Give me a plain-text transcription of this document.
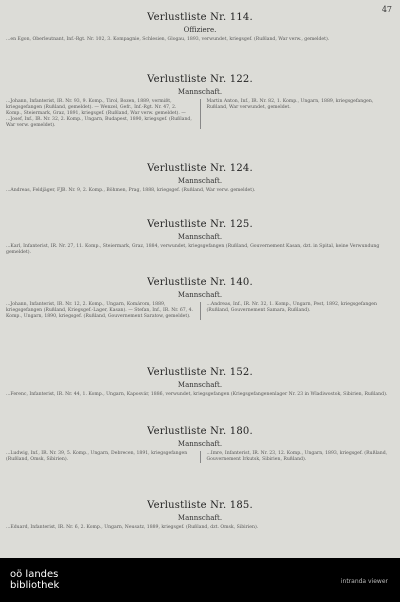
47
Verlustliste Nr. 114.
Offiziere.
...en Egon, Oberleutnant, Inf.-Rgt. Nr. 102, 3. Kompagnie, Schlesien, Glogau, 1893, verwundet, kriegsgef. (Rußland, War verw., gemeldet).
Verlustliste Nr. 122.
Mannschaft.
...Johann, Infanterist, IR. Nr. 93, 9. Komp., Tirol, Bozen, 1889, vermißt, kriegsgefangen (Rußland, gemeldet). — Wenzel, Gefr., Inf.-Rgt. Nr. 47, 2. Komp., Steiermark, Graz, 1891, kriegsgef. (Rußland, War verw. gemeldet). — ...Josef, Inf., IR. Nr. 32, 2. Komp., Ungarn, Budapest, 1890, kriegsgef. (Rußland, War verw. gemeldet).
Martin Anton, Inf., IR. Nr. 82, 1. Komp., Ungarn, 1889, kriegsgefangen, Rußland, War verwundet, gemeldet.
Verlustliste Nr. 124.
Mannschaft.
...Andreas, Feldjäger, FJB. Nr. 9, 2. Komp., Böhmen, Prag, 1888, kriegsgef. (Rußland, War verw. gemeldet).
Verlustliste Nr. 125.
Mannschaft.
...Karl, Infanterist, IR. Nr. 27, 11. Komp., Steiermark, Graz, 1884, verwundet, kriegsgefangen (Rußland, Gouvernement Kasan, dzt. in Spital, keine Verwundung gemeldet).
Verlustliste Nr. 140.
Mannschaft.
...Johann, Infanterist, IR. Nr. 12, 2. Komp., Ungarn, Komárom, 1889, kriegsgefangen (Rußland, Kriegsgef.-Lager, Kasan). — Stefan, Inf., IR. Nr. 67, 4. Komp., Ungarn, 1890, kriegsgef. (Rußland, Gouvernement Saratow, gemeldet).
...Andreas, Inf., IR. Nr. 32, 1. Komp., Ungarn, Pest, 1892, kriegsgefangen (Rußland, Gouvernement Samara, Rußland).
Verlustliste Nr. 152.
Mannschaft.
...Ferenc, Infanterist, IR. Nr. 44, 1. Komp., Ungarn, Kaposvár, 1886, verwundet, kriegsgefangen (Kriegsgefangenenlager Nr. 23 in Wladiwostok, Sibirien, Rußland).
Verlustliste Nr. 180.
Mannschaft.
...Ludwig, Inf., IR. Nr. 39, 5. Komp., Ungarn, Debrecen, 1891, kriegsgefangen (Rußland, Omsk, Sibirien).
...Imre, Infanterist, IR. Nr. 23, 12. Komp., Ungarn, 1893, kriegsgef. (Rußland, Gouvernement Irkutsk, Sibirien, Rußland).
Verlustliste Nr. 185.
Mannschaft.
...Eduard, Infanterist, IR. Nr. 6, 2. Komp., Ungarn, Neusatz, 1889, kriegsgef. (Rußland, dzt. Omsk, Sibirien).
oö landes
bibliothek	intranda viewer
